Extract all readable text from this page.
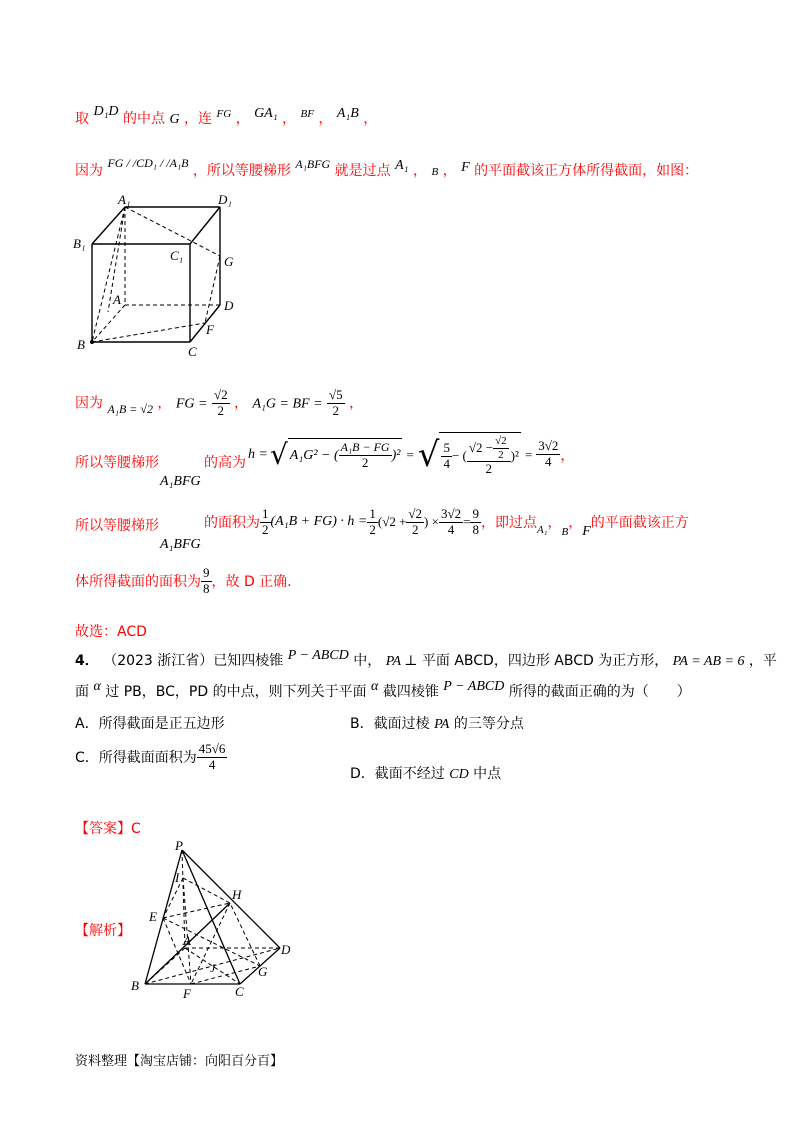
取 D₁D 的中点 G ，连 $^{FG}$ ， GA₁ ， $^{BF}$ ， A₁B ，
因为 FG / /CD₁ / /A₁B ，所以等腰梯形 A₁BFG 就是过点 A₁ ， B ， F 的平面截该正方体所得截面，如图：
A₁	D₁
B₁
C₁	G
A	D
F
B	C
因为 A₁B = √2 ， FG = $\frac{√2}{2}$ ， A₁G = BF = $\frac{√5}{2}$ ，
所以等腰梯形
A₁BFG
的高为
h = √ A₁G² − ( $\frac{\text{A₁B − FG}}{2} )^2$ = √ $\frac{5}{4}$ − ( $\frac{√2 - \frac{√2}{2}}{2} )^2 = \frac{3√2}{4}$ ，
所以等腰梯形
A₁BFG
的面积为 $\frac{1}{2} (A_1B + FG) \cdot h = \frac{1}{2} (√2 + \frac{√2}{2}$ ) × $\frac{3√2}{4} = \frac{9}{8}$ ，即过点 A₁ ，
B
，
F
的平面截该正方
体所得截面的面积为 $\frac{9}{8}$ ，故 D 正确.
故选：ACD
4． （2023 浙江省）已知四棱锥 P − ABCD 中， PA ⊥ 平面 ABCD，四边形 ABCD 为正方形， PA = AB = 6 ，平
面 α 过 PB，BC，PD 的中点，则下列关于平面 α 截四棱锥 P − ABCD 所得的截面正确的为（　　）
A．所得截面是正五边形	B．截面过棱 PA 的三等分点
C．所得截面面积为 $\frac{45√6}{4}$
D．截面不经过 CD 中点
【答案】C
【解析】
P
I
H
E
A
D
J	G
B
F	C
资料整理【淘宝店铺：向阳百分百】
